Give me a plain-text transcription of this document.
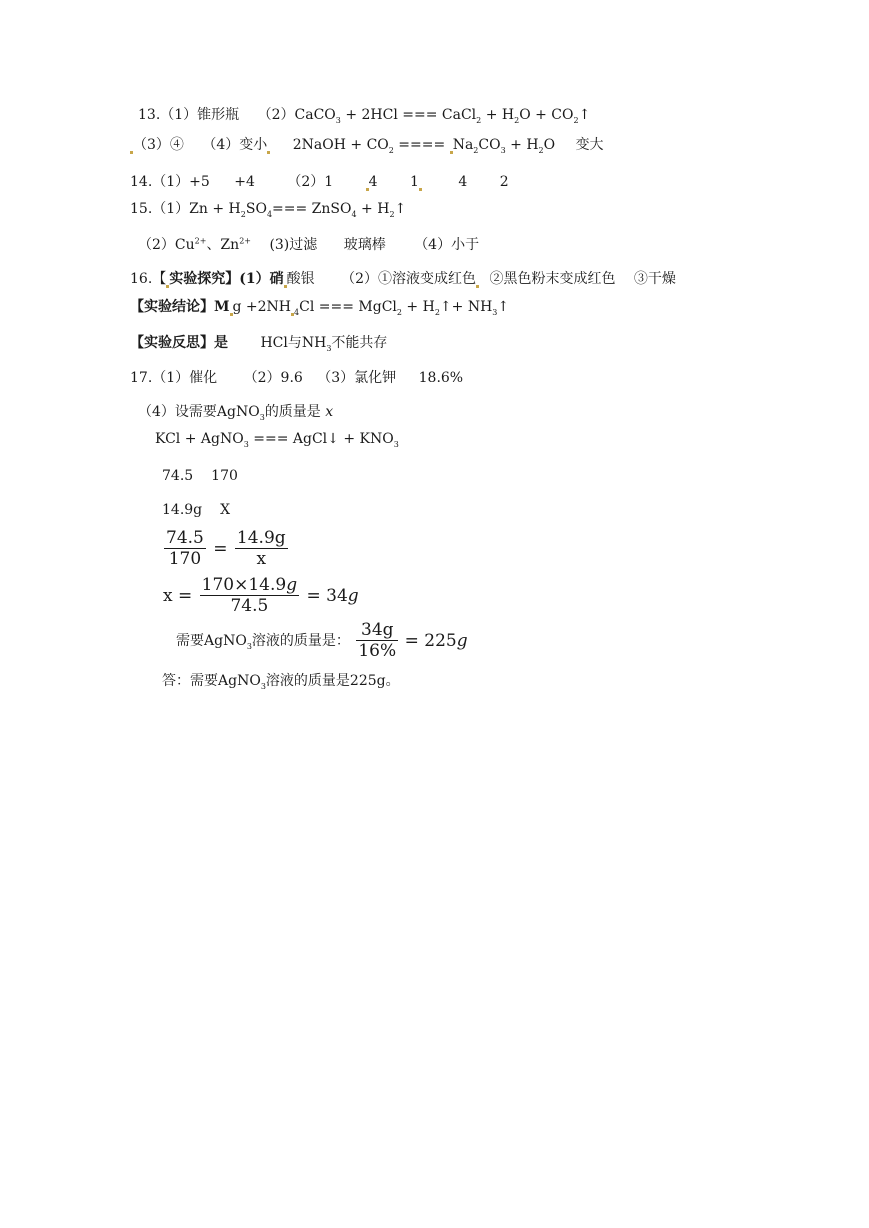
13.（1）锥形瓶 （2）CaCO$_3$ + 2HCl === CaCl$_2$ + $H_2O$ + $CO_2↑$
（3）④ （4）变小 2NaOH + $CO_2$ ==== $Na_2CO_3 + H_2O$ 变大
14.（1）+5 +4 （2）1	4 1	4 2
$15.(1)Zn + H_2SO_4===$ ZnSO$_4$ + $H_2↑$
$(2)Cu^{2+}$、$Zn^{2+}$ (3)过滤 玻璃棒 （4）小于
16.【 实验探究】(1）硝 酸银 （2）①溶液变成红色 ②黑色粉末变成红色 ③干燥
【实验结论】M g +2NH $_4$Cl === MgCl$_2$ + $H_2↑+$ $NH_3↑$
【实验反思】是 HCl与$NH_3$不能共存
17.（1）催化 （2）9.6 （3）氯化钾 18.6%
（4）设需要AgNO$_3$的质量是 x
KCl + AgNO$_3$ === AgCl↓ + $KNO_3$
74.5 170
14.9g X
$\frac{74.5}{170} = \frac{14.9g}{x}$
$x = \frac{170\times 14.9g}{74.5} = 34g$
需要AgNO$_3$溶液的质量是： $\frac{34g}{16\%} = 225g$
答：需要AgNO$_3$溶液的质量是225g。
